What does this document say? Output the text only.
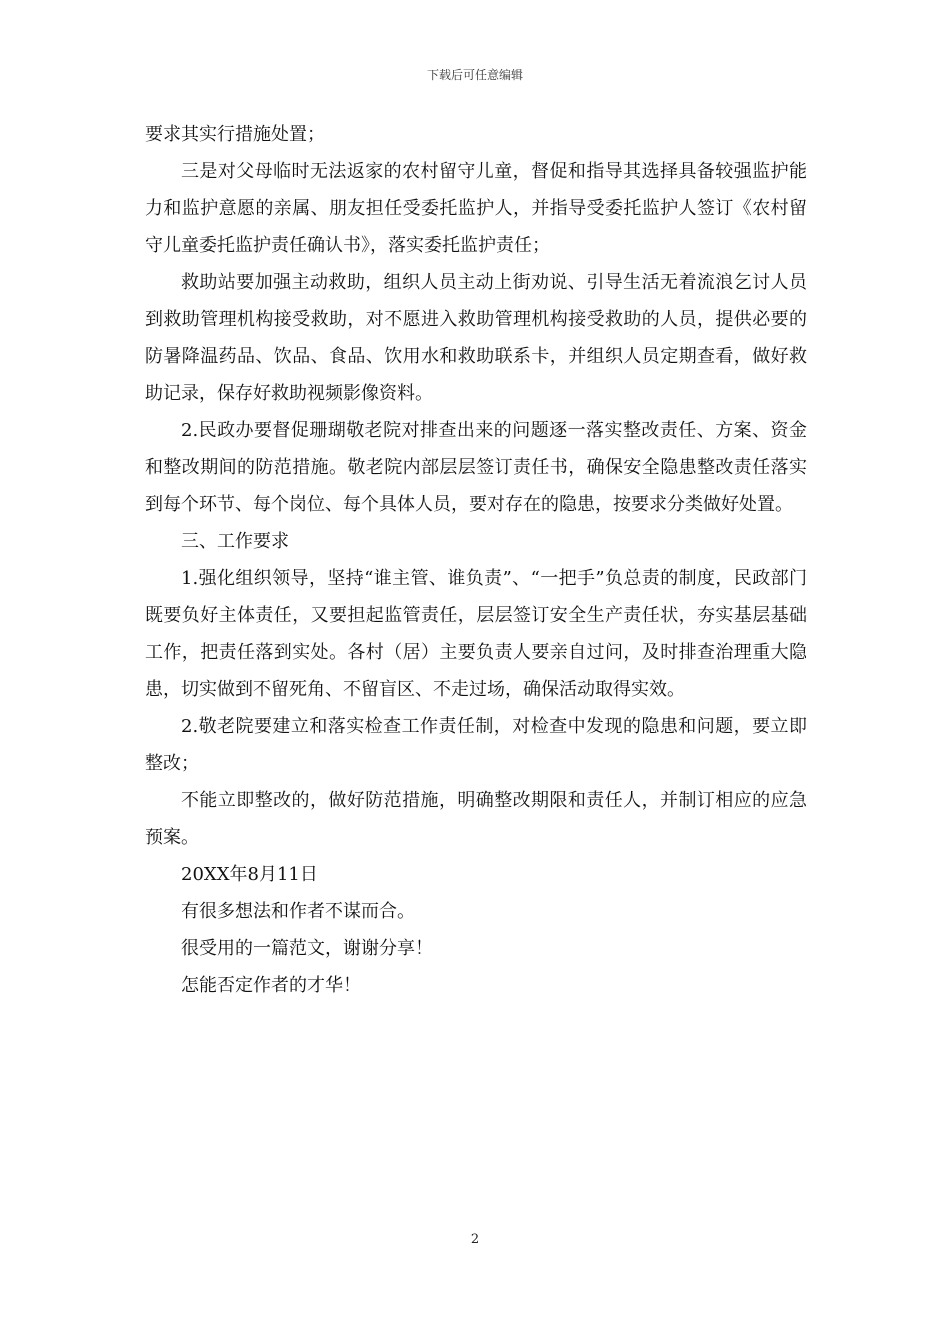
下载后可任意编辑

要求其实行措施处置；

三是对父母临时无法返家的农村留守儿童，督促和指导其选择具备较强监护能力和监护意愿的亲属、朋友担任受委托监护人，并指导受委托监护人签订《农村留守儿童委托监护责任确认书》，落实委托监护责任；

救助站要加强主动救助，组织人员主动上街劝说、引导生活无着流浪乞讨人员到救助管理机构接受救助，对不愿进入救助管理机构接受救助的人员，提供必要的防暑降温药品、饮品、食品、饮用水和救助联系卡，并组织人员定期查看，做好救助记录，保存好救助视频影像资料。

2.民政办要督促珊瑚敬老院对排查出来的问题逐一落实整改责任、方案、资金和整改期间的防范措施。敬老院内部层层签订责任书，确保安全隐患整改责任落实到每个环节、每个岗位、每个具体人员，要对存在的隐患，按要求分类做好处置。

三、工作要求

1.强化组织领导，坚持“谁主管、谁负责”、“一把手”负总责的制度，民政部门既要负好主体责任，又要担起监管责任，层层签订安全生产责任状，夯实基层基础工作，把责任落到实处。各村（居）主要负责人要亲自过问，及时排查治理重大隐患，切实做到不留死角、不留盲区、不走过场，确保活动取得实效。

2.敬老院要建立和落实检查工作责任制，对检查中发现的隐患和问题，要立即整改；

不能立即整改的，做好防范措施，明确整改期限和责任人，并制订相应的应急预案。

20XX年8月11日

有很多想法和作者不谋而合。

很受用的一篇范文，谢谢分享！

怎能否定作者的才华！

2
